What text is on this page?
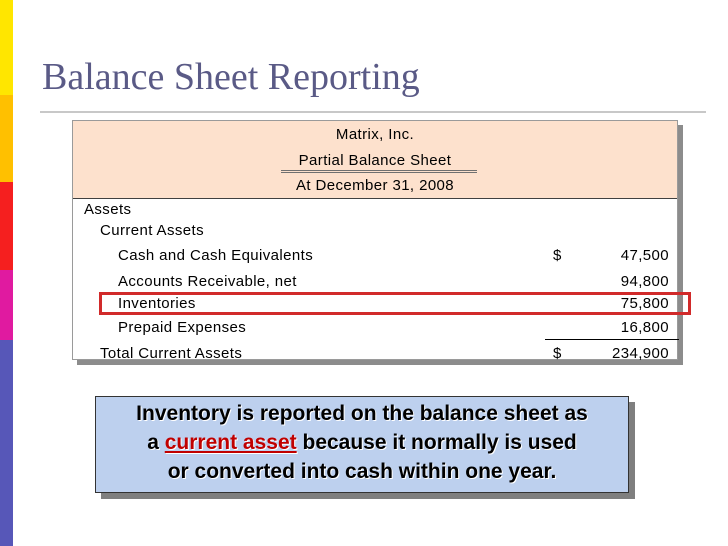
Balance Sheet Reporting
Matrix, Inc.
Partial Balance Sheet
At December 31, 2008
Assets
Current Assets
Cash and Cash Equivalents	$	47,500
Accounts Receivable, net	94,800
Inventories	75,800
Prepaid Expenses	16,800
Total Current Assets	$	234,900
Inventory is reported on the balance sheet as
a current asset because it normally is used
or converted into cash within one year.
